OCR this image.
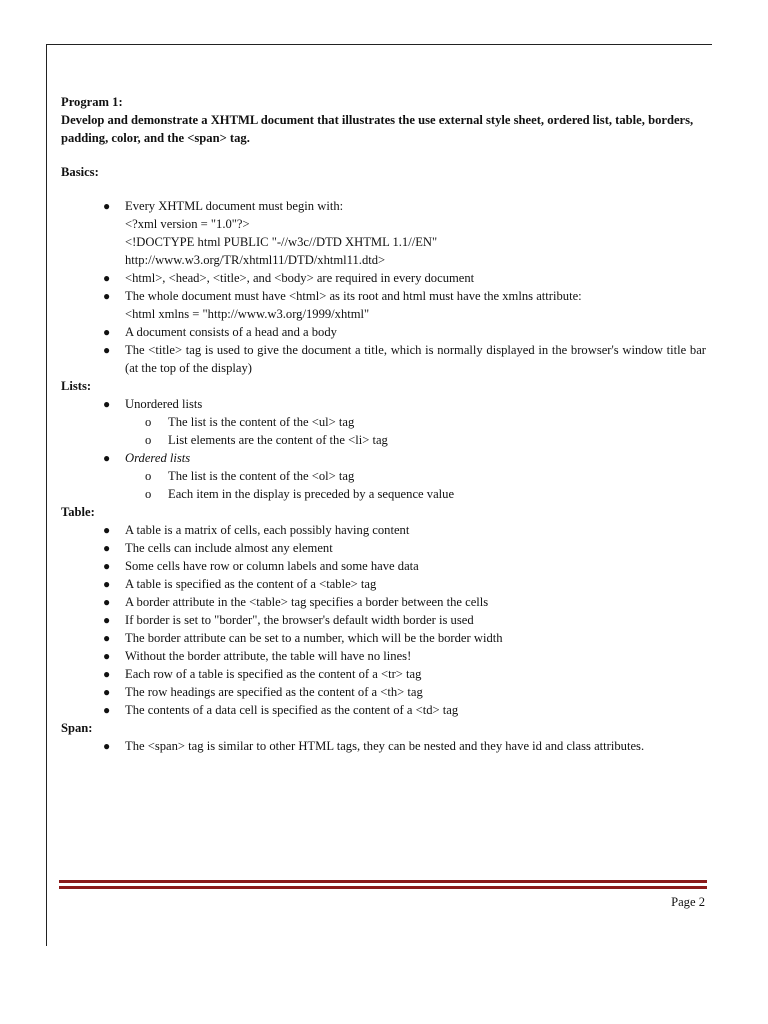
Program 1:
Develop and demonstrate a XHTML document that illustrates the use external style sheet, ordered list, table, borders, padding, color, and the <span> tag.
Basics:
● Every XHTML document must begin with:
<?xml version = "1.0"?>
<!DOCTYPE html PUBLIC "-//w3c//DTD XHTML 1.1//EN"
http://www.w3.org/TR/xhtml11/DTD/xhtml11.dtd>
● <html>, <head>, <title>, and <body> are required in every document
● The whole document must have <html> as its root and html must have the xmlns attribute:
<html xmlns = "http://www.w3.org/1999/xhtml"
● A document consists of a head and a body
● The <title> tag is used to give the document a title, which is normally displayed in the browser's window title bar (at the top of the display)
Lists:
● Unordered lists
o The list is the content of the <ul> tag
o List elements are the content of the <li> tag
● Ordered lists
o The list is the content of the <ol> tag
o Each item in the display is preceded by a sequence value
Table:
● A table is a matrix of cells, each possibly having content
● The cells can include almost any element
● Some cells have row or column labels and some have data
● A table is specified as the content of a <table> tag
● A border attribute in the <table> tag specifies a border between the cells
● If border is set to "border", the browser's default width border is used
● The border attribute can be set to a number, which will be the border width
● Without the border attribute, the table will have no lines!
● Each row of a table is specified as the content of a <tr> tag
● The row headings are specified as the content of a <th> tag
● The contents of a data cell is specified as the content of a <td> tag
Span:
● The <span> tag is similar to other HTML tags, they can be nested and they have id and class attributes.
Page 2
